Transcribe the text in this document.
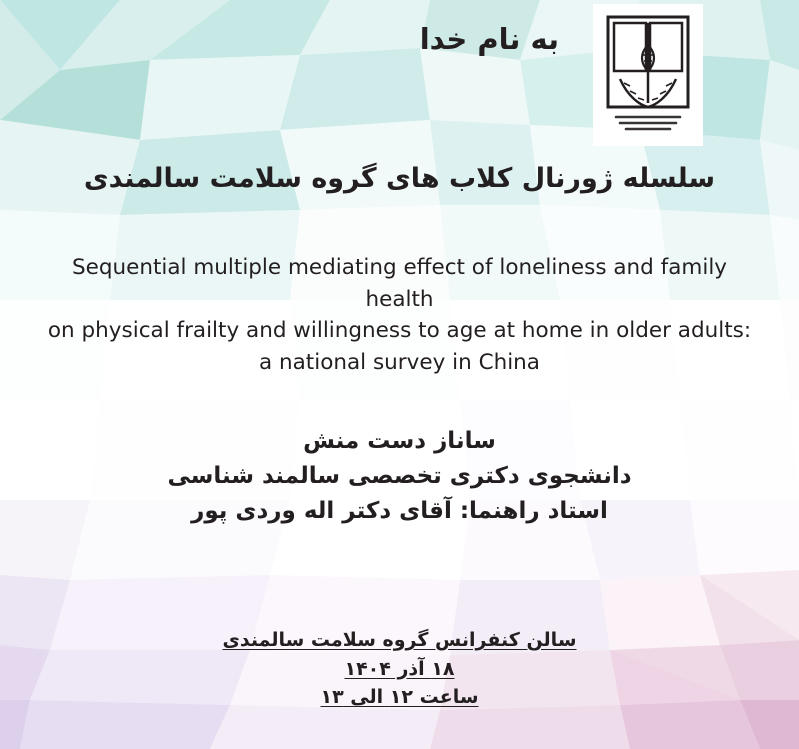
به نام خدا
سلسله ژورنال کلاب های گروه سلامت سالمندی
Sequential multiple mediating effect of loneliness and family health
on physical frailty and willingness to age at home in older adults:
a national survey in China
ساناز دست منش
دانشجوی دکتری تخصصی سالمند شناسی
استاد راهنما: آقای دکتر اله وردی پور
سالن کنفرانس گروه سلامت سالمندی
۱۸ آذر ۱۴۰۴
ساعت ۱۲ الی ۱۳
